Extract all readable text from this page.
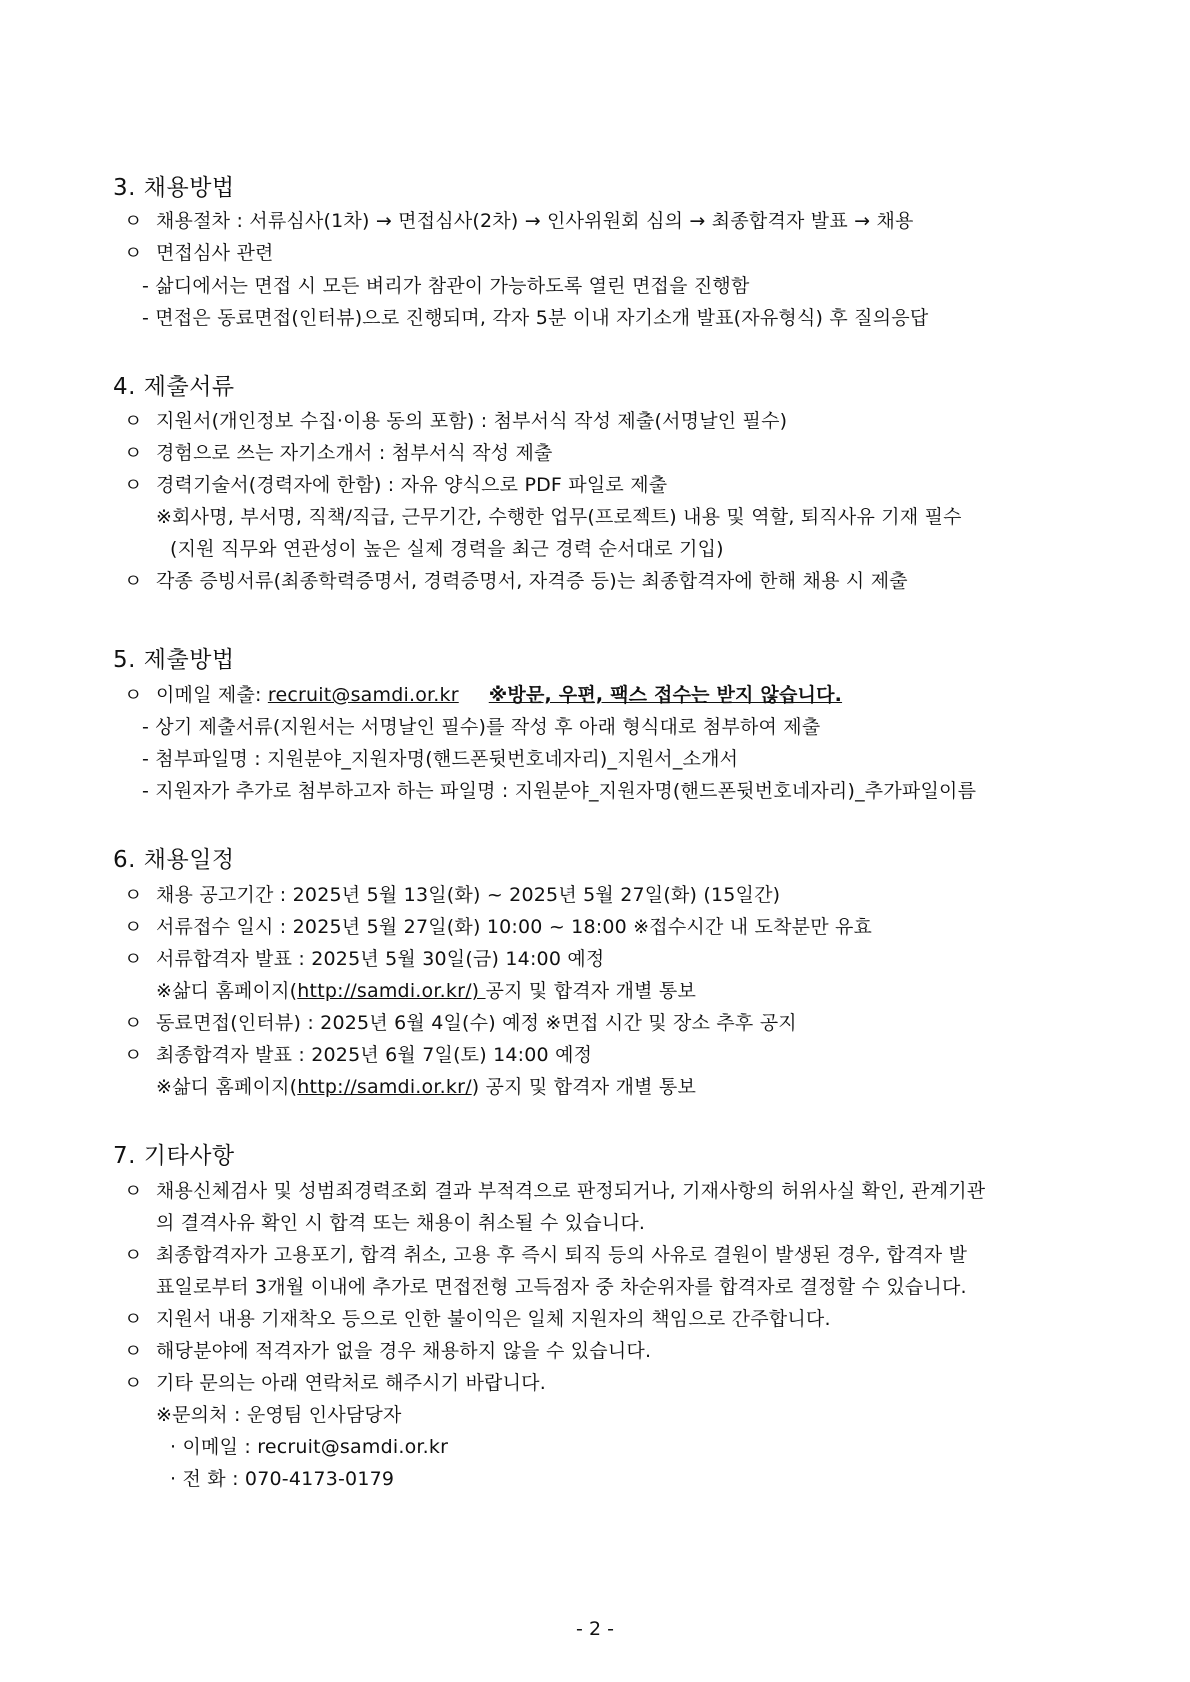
3. 채용방법
ㅇ 채용절차 : 서류심사(1차) → 면접심사(2차) → 인사위원회 심의 → 최종합격자 발표 → 채용
ㅇ 면접심사 관련
- 삶디에서는 면접 시 모든 벼리가 참관이 가능하도록 열린 면접을 진행함
- 면접은 동료면접(인터뷰)으로 진행되며, 각자 5분 이내 자기소개 발표(자유형식) 후 질의응답
4. 제출서류
ㅇ 지원서(개인정보 수집·이용 동의 포함) : 첨부서식 작성 제출(서명날인 필수)
ㅇ 경험으로 쓰는 자기소개서 : 첨부서식 작성 제출
ㅇ 경력기술서(경력자에 한함) : 자유 양식으로 PDF 파일로 제출
※회사명, 부서명, 직책/직급, 근무기간, 수행한 업무(프로젝트) 내용 및 역할, 퇴직사유 기재 필수
(지원 직무와 연관성이 높은 실제 경력을 최근 경력 순서대로 기입)
ㅇ 각종 증빙서류(최종학력증명서, 경력증명서, 자격증 등)는 최종합격자에 한해 채용 시 제출
5. 제출방법
ㅇ 이메일 제출: recruit@samdi.or.kr ※방문, 우편, 팩스 접수는 받지 않습니다.
- 상기 제출서류(지원서는 서명날인 필수)를 작성 후 아래 형식대로 첨부하여 제출
- 첨부파일명 : 지원분야_지원자명(핸드폰뒷번호네자리)_지원서_소개서
- 지원자가 추가로 첨부하고자 하는 파일명 : 지원분야_지원자명(핸드폰뒷번호네자리)_추가파일이름
6. 채용일정
ㅇ 채용 공고기간 : 2025년 5월 13일(화) ~ 2025년 5월 27일(화) (15일간)
ㅇ 서류접수 일시 : 2025년 5월 27일(화) 10:00 ~ 18:00 ※접수시간 내 도착분만 유효
ㅇ 서류합격자 발표 : 2025년 5월 30일(금) 14:00 예정
※삶디 홈페이지(http://samdi.or.kr/) 공지 및 합격자 개별 통보
ㅇ 동료면접(인터뷰) : 2025년 6월 4일(수) 예정 ※면접 시간 및 장소 추후 공지
ㅇ 최종합격자 발표 : 2025년 6월 7일(토) 14:00 예정
※삶디 홈페이지(http://samdi.or.kr/) 공지 및 합격자 개별 통보
7. 기타사항
ㅇ 채용신체검사 및 성범죄경력조회 결과 부적격으로 판정되거나, 기재사항의 허위사실 확인, 관계기관
의 결격사유 확인 시 합격 또는 채용이 취소될 수 있습니다.
ㅇ 최종합격자가 고용포기, 합격 취소, 고용 후 즉시 퇴직 등의 사유로 결원이 발생된 경우, 합격자 발
표일로부터 3개월 이내에 추가로 면접전형 고득점자 중 차순위자를 합격자로 결정할 수 있습니다.
ㅇ 지원서 내용 기재착오 등으로 인한 불이익은 일체 지원자의 책임으로 간주합니다.
ㅇ 해당분야에 적격자가 없을 경우 채용하지 않을 수 있습니다.
ㅇ 기타 문의는 아래 연락처로 해주시기 바랍니다.
※문의처 : 운영팀 인사담당자
· 이메일 : recruit@samdi.or.kr
· 전 화 : 070-4173-0179
- 2 -
